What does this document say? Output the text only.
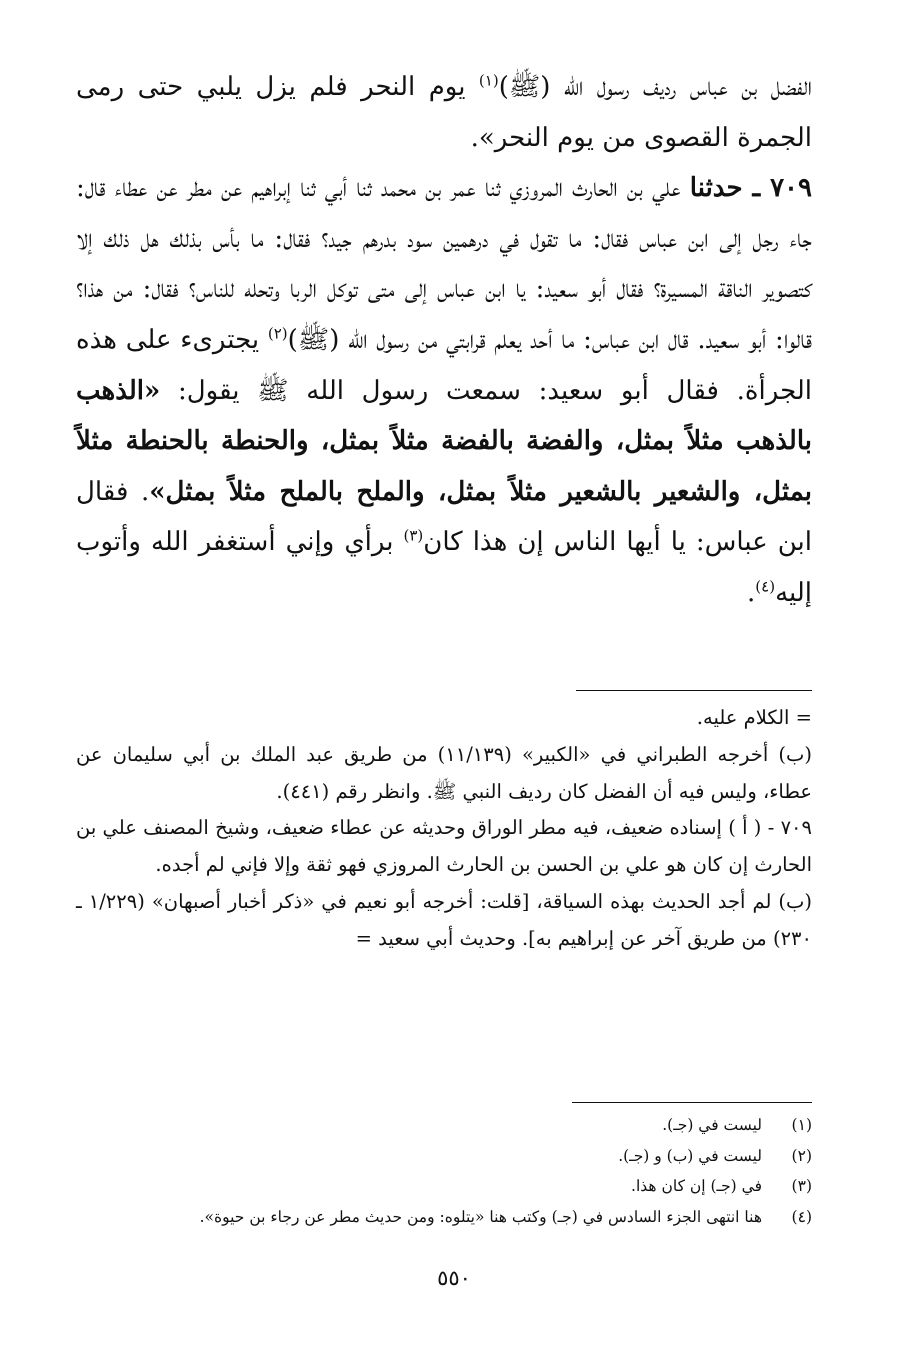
الفضل بن عباس رديف رسول الله (ﷺ)$^{(١)}$ يوم النحر فلم يزل يلبي حتى رمى الجمرة القصوى من يوم النحر».

٧٠٩ ـ حدثنا علي بن الحارث المروزي ثنا عمر بن محمد ثنا أبي ثنا إبراهيم عن مطر عن عطاء قال: جاء رجل إلى ابن عباس فقال: ما تقول في درهمين سود بدرهم جيد؟ فقال: ما بأس بذلك هل ذلك إلا كتصوير الناقة المسيرة؟ فقال أبو سعيد: يا ابن عباس إلى متى توكل الربا وتحله للناس؟ فقال: من هذا؟ قالوا: أبو سعيد. قال ابن عباس: ما أحد يعلم قرابتي من رسول الله (ﷺ)$^{(٢)}$ يجترىء على هذه الجرأة. فقال أبو سعيد: سمعت رسول الله ﷺ يقول: «الذهب بالذهب مثلاً بمثل، والفضة بالفضة مثلاً بمثل، والحنطة بالحنطة مثلاً بمثل، والشعير بالشعير مثلاً بمثل، والملح بالملح مثلاً بمثل». فقال ابن عباس: يا أيها الناس إن هذا كان$^{(٣)}$ برأي وإني أستغفر الله وأتوب إليه$^{(٤)}$.

= الكلام عليه.

(ب) أخرجه الطبراني في «الكبير» (١١/١٣٩) من طريق عبد الملك بن أبي سليمان عن عطاء، وليس فيه أن الفضل كان رديف النبي ﷺ. وانظر رقم (٤٤١).

٧٠٩ - ( أ ) إسناده ضعيف، فيه مطر الوراق وحديثه عن عطاء ضعيف، وشيخ المصنف علي بن الحارث إن كان هو علي بن الحسن بن الحارث المروزي فهو ثقة وإلا فإني لم أجده.

(ب) لم أجد الحديث بهذه السياقة، [قلت: أخرجه أبو نعيم في «ذكر أخبار أصبهان» (١/٢٢٩ ـ ٢٣٠) من طريق آخر عن إبراهيم به]. وحديث أبي سعيد =

(١)
ليست في (جـ).
(٢)
ليست في (ب) و (جـ).
(٣)
في (جـ) إن كان هذا.
(٤)
هنا انتهى الجزء السادس في (جـ) وكتب هنا «يتلوه: ومن حديث مطر عن رجاء بن حيوة».
٥٥٠
